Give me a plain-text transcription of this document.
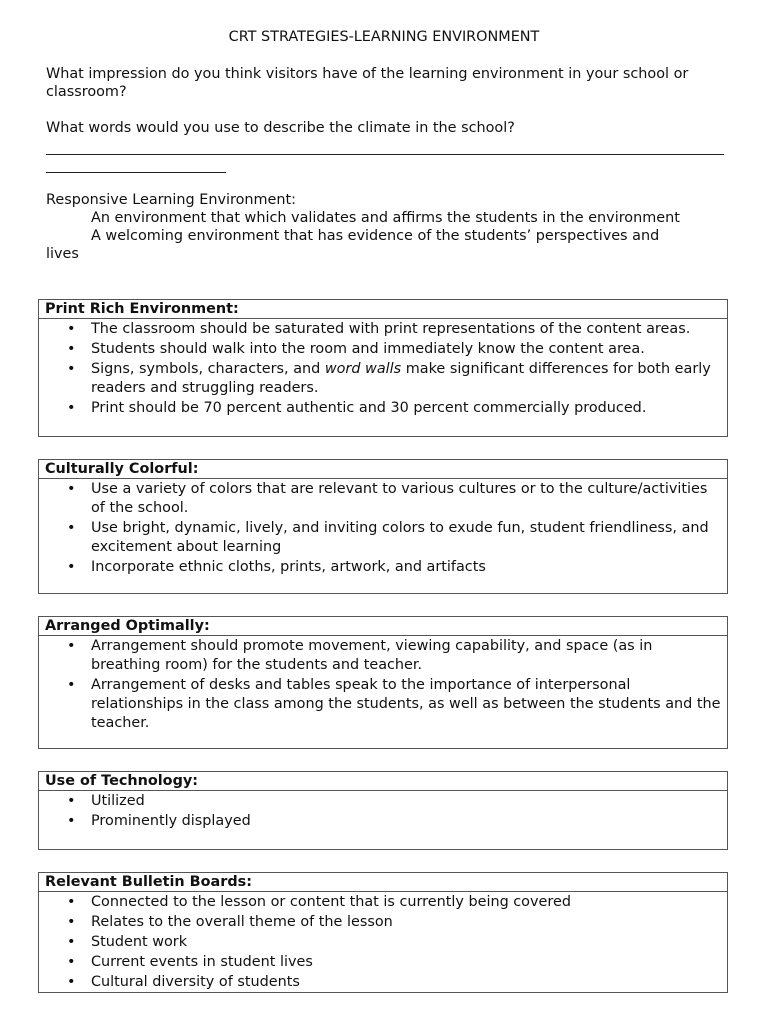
CRT STRATEGIES-LEARNING ENVIRONMENT
What impression do you think visitors have of the learning environment in your school or classroom?
What words would you use to describe the climate in the school?
Responsive Learning Environment:
An environment that which validates and affirms the students in the environment
A welcoming environment that has evidence of the students’ perspectives and
lives
Print Rich Environment:
• The classroom should be saturated with print representations of the content areas.
• Students should walk into the room and immediately know the content area.
• Signs, symbols, characters, and word walls make significant differences for both early readers and struggling readers.
• Print should be 70 percent authentic and 30 percent commercially produced.
Culturally Colorful:
• Use a variety of colors that are relevant to various cultures or to the culture/activities of the school.
• Use bright, dynamic, lively, and inviting colors to exude fun, student friendliness, and excitement about learning
• Incorporate ethnic cloths, prints, artwork, and artifacts
Arranged Optimally:
• Arrangement should promote movement, viewing capability, and space (as in breathing room) for the students and teacher.
• Arrangement of desks and tables speak to the importance of interpersonal relationships in the class among the students, as well as between the students and the teacher.
Use of Technology:
• Utilized
• Prominently displayed
Relevant Bulletin Boards:
• Connected to the lesson or content that is currently being covered
• Relates to the overall theme of the lesson
• Student work
• Current events in student lives
• Cultural diversity of students
